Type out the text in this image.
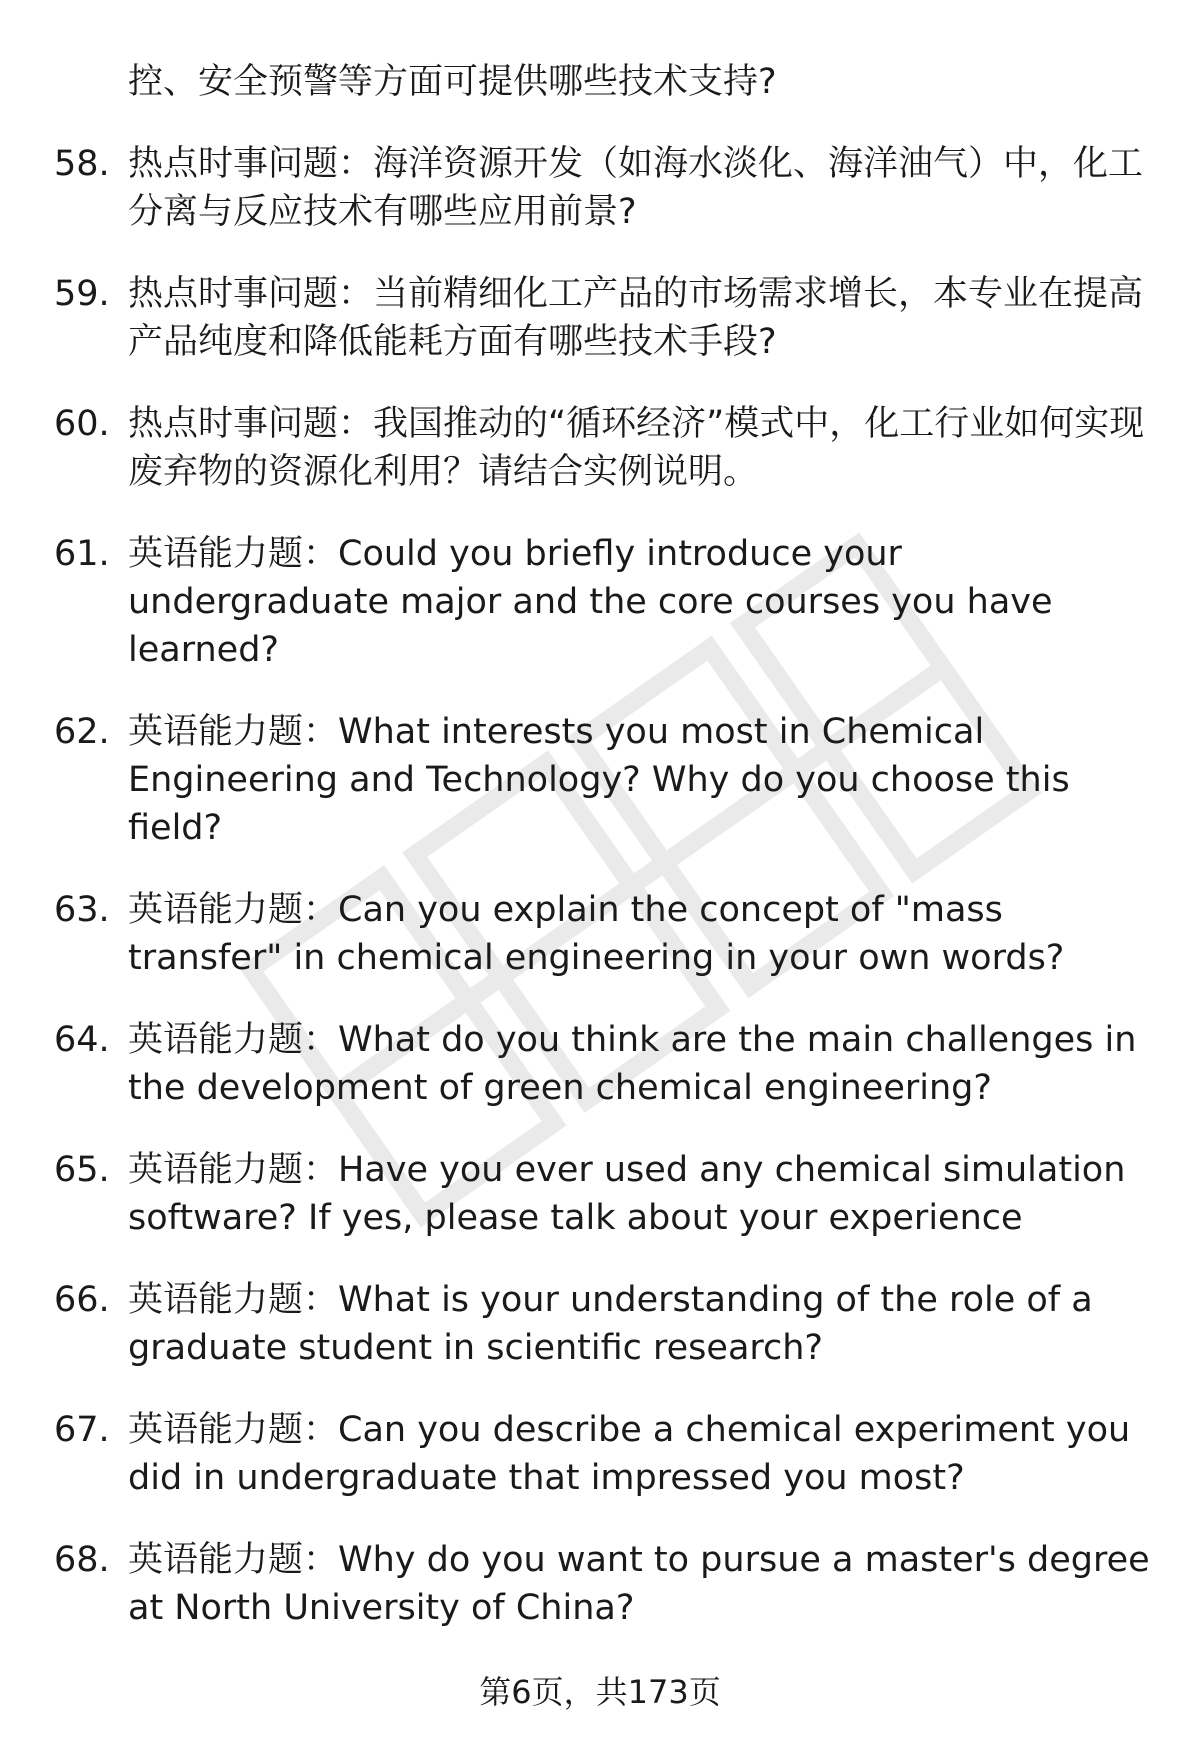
控、安全预警等方面可提供哪些技术支持?
58. 热点时事问题：海洋资源开发（如海水淡化、海洋油气）中，化工分离与反应技术有哪些应用前景?
59. 热点时事问题：当前精细化工产品的市场需求增长，本专业在提高产品纯度和降低能耗方面有哪些技术手段?
60. 热点时事问题：我国推动的“循环经济”模式中，化工行业如何实现废弃物的资源化利用？请结合实例说明。
61. 英语能力题：Could you briefly introduce your undergraduate major and the core courses you have learned?
62. 英语能力题：What interests you most in Chemical Engineering and Technology? Why do you choose this field?
63. 英语能力题：Can you explain the concept of "mass transfer" in chemical engineering in your own words?
64. 英语能力题：What do you think are the main challenges in the development of green chemical engineering?
65. 英语能力题：Have you ever used any chemical simulation software? If yes, please talk about your experience
66. 英语能力题：What is your understanding of the role of a graduate student in scientific research?
67. 英语能力题：Can you describe a chemical experiment you did in undergraduate that impressed you most?
68. 英语能力题：Why do you want to pursue a master's degree at North University of China?
第6页，共173页
